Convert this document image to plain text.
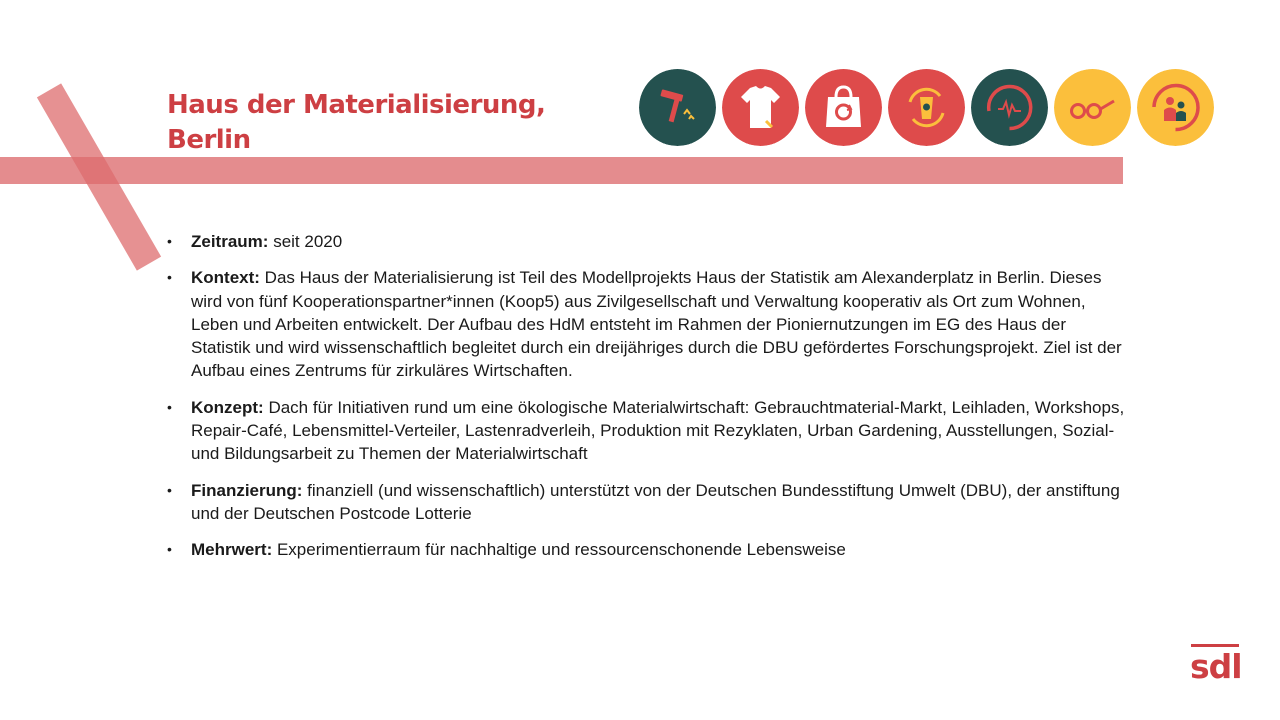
Haus der Materialisierung,
Berlin
• Zeitraum: seit 2020
• Kontext: Das Haus der Materialisierung ist Teil des Modellprojekts Haus der Statistik am Alexanderplatz in Berlin. Dieses wird von fünf Kooperationspartner*innen (Koop5) aus Zivilgesellschaft und Verwaltung kooperativ als Ort zum Wohnen, Leben und Arbeiten entwickelt. Der Aufbau des HdM entsteht im Rahmen der Pioniernutzungen im EG des Haus der Statistik und wird wissenschaftlich begleitet durch ein dreijähriges durch die DBU gefördertes Forschungsprojekt. Ziel ist der Aufbau eines Zentrums für zirkuläres Wirtschaften.
• Konzept: Dach für Initiativen rund um eine ökologische Materialwirtschaft: Gebrauchtmaterial-Markt, Leihladen, Workshops, Repair-Café, Lebensmittel-Verteiler, Lastenradverleih, Produktion mit Rezyklaten, Urban Gardening, Ausstellungen, Sozial- und Bildungsarbeit zu Themen der Materialwirtschaft
• Finanzierung: finanziell (und wissenschaftlich) unterstützt von der Deutschen Bundesstiftung Umwelt (DBU), der anstiftung und der Deutschen Postcode Lotterie
• Mehrwert: Experimentierraum für nachhaltige und ressourcenschonende Lebensweise
sdl
